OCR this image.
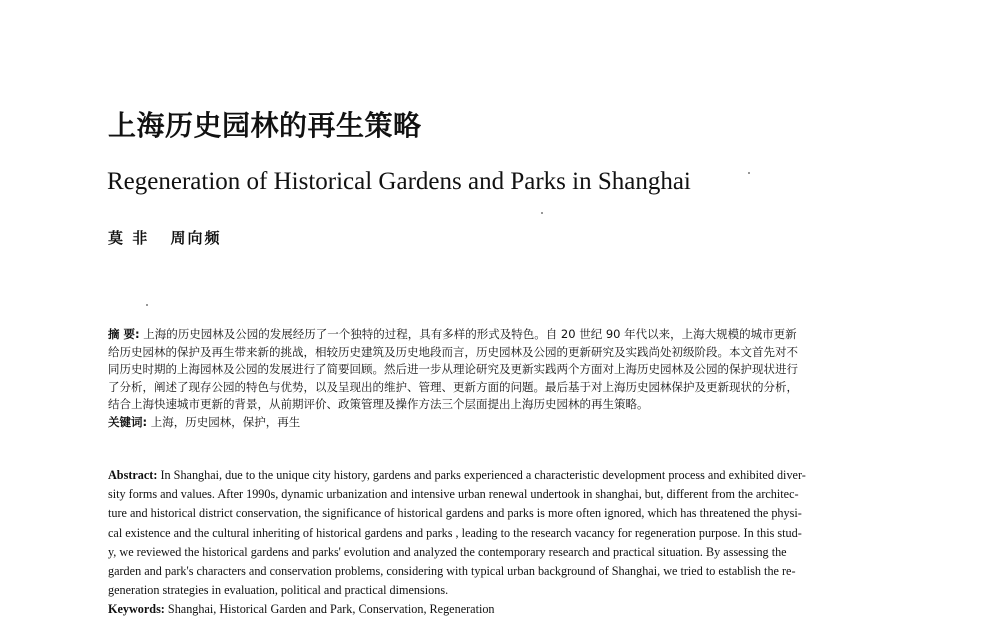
上海历史园林的再生策略
Regeneration of Historical Gardens and Parks in Shanghai
莫 非 周向频
摘 要: 上海的历史园林及公园的发展经历了一个独特的过程，具有多样的形式及特色。自 20 世纪 90 年代以来，上海大规模的城市更新
给历史园林的保护及再生带来新的挑战，相较历史建筑及历史地段而言，历史园林及公园的更新研究及实践尚处初级阶段。本文首先对不
同历史时期的上海园林及公园的发展进行了简要回顾。然后进一步从理论研究及更新实践两个方面对上海历史园林及公园的保护现状进行
了分析，阐述了现存公园的特色与优势，以及呈现出的维护、管理、更新方面的问题。最后基于对上海历史园林保护及更新现状的分析，
结合上海快速城市更新的背景，从前期评价、政策管理及操作方法三个层面提出上海历史园林的再生策略。
关键词: 上海，历史园林，保护，再生
Abstract: In Shanghai, due to the unique city history, gardens and parks experienced a characteristic development process and exhibited diver-
sity forms and values. After 1990s, dynamic urbanization and intensive urban renewal undertook in shanghai, but, different from the architec-
ture and historical district conservation, the significance of historical gardens and parks is more often ignored, which has threatened the physi-
cal existence and the cultural inheriting of historical gardens and parks , leading to the research vacancy for regeneration purpose. In this stud-
y, we reviewed the historical gardens and parks' evolution and analyzed the contemporary research and practical situation. By assessing the
garden and park's characters and conservation problems, considering with typical urban background of Shanghai, we tried to establish the re-
generation strategies in evaluation, political and practical dimensions.
Keywords: Shanghai, Historical Garden and Park, Conservation, Regeneration
